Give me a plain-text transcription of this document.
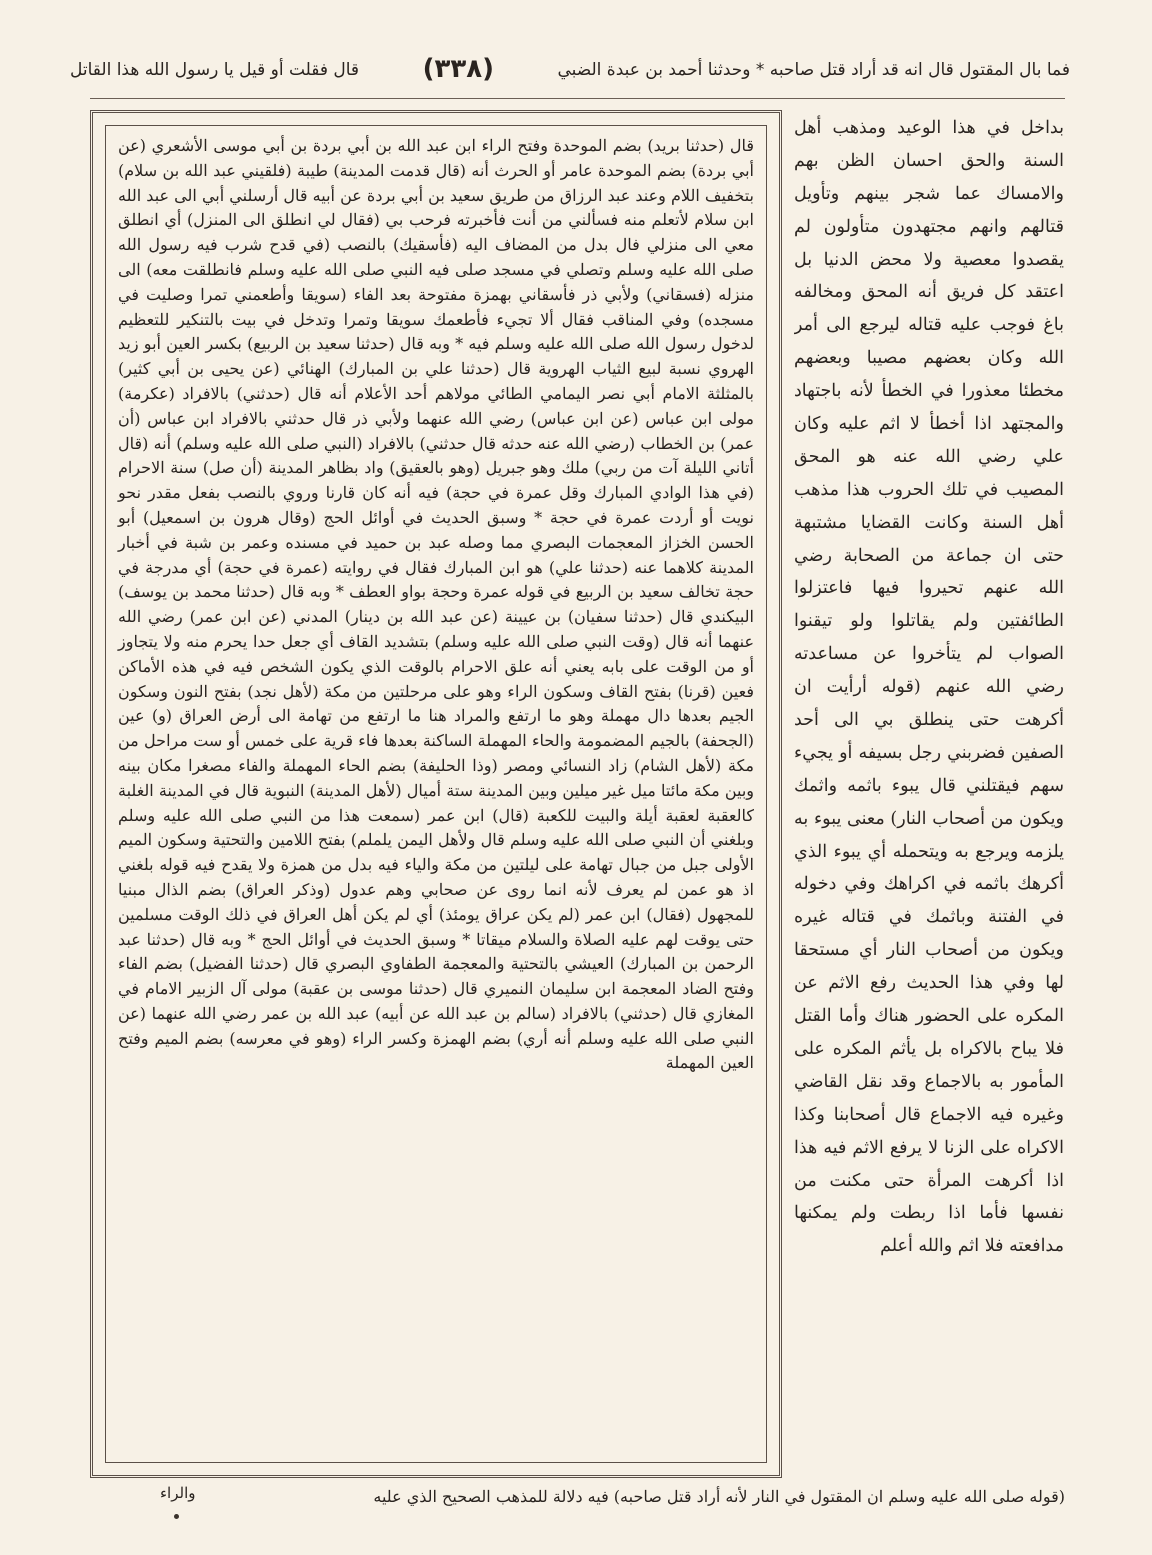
قال فقلت أو قيل يا رسول الله هذا القاتل	(٣٣٨)	فما بال المقتول قال انه قد أراد قتل صاحبه * وحدثنا أحمد بن عبدة الضبي

بداخل في هذا الوعيد ومذهب أهل السنة والحق احسان الظن بهم والامساك عما شجر بينهم وتأويل قتالهم وانهم مجتهدون متأولون لم يقصدوا معصية ولا محض الدنيا بل اعتقد كل فريق أنه المحق ومخالفه باغ فوجب عليه قتاله ليرجع الى أمر الله وكان بعضهم مصيبا وبعضهم مخطئا معذورا في الخطأ لأنه باجتهاد والمجتهد اذا أخطأ لا اثم عليه وكان علي رضي الله عنه هو المحق المصيب في تلك الحروب هذا مذهب أهل السنة وكانت القضايا مشتبهة حتى ان جماعة من الصحابة رضي الله عنهم تحيروا فيها فاعتزلوا الطائفتين ولم يقاتلوا ولو تيقنوا الصواب لم يتأخروا عن مساعدته رضي الله عنهم (قوله أرأيت ان أكرهت حتى ينطلق بي الى أحد الصفين فضربني رجل بسيفه أو يجيء سهم فيقتلني قال يبوء باثمه واثمك ويكون من أصحاب النار) معنى يبوء به يلزمه ويرجع به ويتحمله أي يبوء الذي أكرهك باثمه في اكراهك وفي دخوله في الفتنة وباثمك في قتاله غيره ويكون من أصحاب النار أي مستحقا لها وفي هذا الحديث رفع الاثم عن المكره على الحضور هناك وأما القتل فلا يباح بالاكراه بل يأثم المكره على المأمور به بالاجماع وقد نقل القاضي وغيره فيه الاجماع قال أصحابنا وكذا الاكراه على الزنا لا يرفع الاثم فيه هذا اذا أكرهت المرأة حتى مكنت من نفسها فأما اذا ربطت ولم يمكنها مدافعته فلا اثم والله أعلم

قال (حدثنا بريد) بضم الموحدة وفتح الراء ابن عبد الله بن أبي بردة بن أبي موسى الأشعري (عن أبي بردة) بضم الموحدة عامر أو الحرث أنه (قال قدمت المدينة) طيبة (فلقيني عبد الله بن سلام) بتخفيف اللام وعند عبد الرزاق من طريق سعيد بن أبي بردة عن أبيه قال أرسلني أبي الى عبد الله ابن سلام لأتعلم منه فسألني من أنت فأخبرته فرحب بي (فقال لي انطلق الى المنزل) أي انطلق معي الى منزلي فال بدل من المضاف اليه (فأسقيك) بالنصب (في قدح شرب فيه رسول الله صلى الله عليه وسلم وتصلي في مسجد صلى فيه النبي صلى الله عليه وسلم فانطلقت معه) الى منزله (فسقاني) ولأبي ذر فأسقاني بهمزة مفتوحة بعد الفاء (سويقا وأطعمني تمرا وصليت في مسجده) وفي المناقب فقال ألا تجيء فأطعمك سويقا وتمرا وتدخل في بيت بالتنكير للتعظيم لدخول رسول الله صلى الله عليه وسلم فيه * وبه قال (حدثنا سعيد بن الربيع) بكسر العين أبو زيد الهروي نسبة لبيع الثياب الهروية قال (حدثنا علي بن المبارك) الهنائي (عن يحيى بن أبي كثير) بالمثلثة الامام أبي نصر اليمامي الطائي مولاهم أحد الأعلام أنه قال (حدثني) بالافراد (عكرمة) مولى ابن عباس (عن ابن عباس) رضي الله عنهما ولأبي ذر قال حدثني بالافراد ابن عباس (أن عمر) بن الخطاب (رضي الله عنه حدثه قال حدثني) بالافراد (النبي صلى الله عليه وسلم) أنه (قال أتاني الليلة آت من ربي) ملك وهو جبريل (وهو بالعقيق) واد بظاهر المدينة (أن صل) سنة الاحرام (في هذا الوادي المبارك وقل عمرة في حجة) فيه أنه كان قارنا وروي بالنصب بفعل مقدر نحو نويت أو أردت عمرة في حجة * وسبق الحديث في أوائل الحج (وقال هرون بن اسمعيل) أبو الحسن الخزاز المعجمات البصري مما وصله عبد بن حميد في مسنده وعمر بن شبة في أخبار المدينة كلاهما عنه (حدثنا علي) هو ابن المبارك فقال في روايته (عمرة في حجة) أي مدرجة في حجة تخالف سعيد بن الربيع في قوله عمرة وحجة بواو العطف * وبه قال (حدثنا محمد بن يوسف) البيكندي قال (حدثنا سفيان) بن عيينة (عن عبد الله بن دينار) المدني (عن ابن عمر) رضي الله عنهما أنه قال (وقت النبي صلى الله عليه وسلم) بتشديد القاف أي جعل حدا يحرم منه ولا يتجاوز أو من الوقت على بابه يعني أنه علق الاحرام بالوقت الذي يكون الشخص فيه في هذه الأماكن فعين (قرنا) بفتح القاف وسكون الراء وهو على مرحلتين من مكة (لأهل نجد) بفتح النون وسكون الجيم بعدها دال مهملة وهو ما ارتفع والمراد هنا ما ارتفع من تهامة الى أرض العراق (و) عين (الجحفة) بالجيم المضمومة والحاء المهملة الساكنة بعدها فاء قرية على خمس أو ست مراحل من مكة (لأهل الشام) زاد النسائي ومصر (وذا الحليفة) بضم الحاء المهملة والفاء مصغرا مكان بينه وبين مكة مائتا ميل غير ميلين وبين المدينة ستة أميال (لأهل المدينة) النبوية قال في المدينة الغلبة كالعقبة لعقبة أيلة والبيت للكعبة (قال) ابن عمر (سمعت هذا من النبي صلى الله عليه وسلم وبلغني أن النبي صلى الله عليه وسلم قال ولأهل اليمن يلملم) بفتح اللامين والتحتية وسكون الميم الأولى جبل من جبال تهامة على ليلتين من مكة والياء فيه بدل من همزة ولا يقدح فيه قوله بلغني اذ هو عمن لم يعرف لأنه انما روى عن صحابي وهم عدول (وذكر العراق) بضم الذال مبنيا للمجهول (فقال) ابن عمر (لم يكن عراق يومئذ) أي لم يكن أهل العراق في ذلك الوقت مسلمين حتى يوقت لهم عليه الصلاة والسلام ميقاتا * وسبق الحديث في أوائل الحج * وبه قال (حدثنا عبد الرحمن بن المبارك) العيشي بالتحتية والمعجمة الطفاوي البصري قال (حدثنا الفضيل) بضم الفاء وفتح الضاد المعجمة ابن سليمان النميري قال (حدثنا موسى بن عقبة) مولى آل الزبير الامام في المغازي قال (حدثني) بالافراد (سالم بن عبد الله عن أبيه) عبد الله بن عمر رضي الله عنهما (عن النبي صلى الله عليه وسلم أنه أري) بضم الهمزة وكسر الراء (وهو في معرسه) بضم الميم وفتح العين المهملة

(قوله صلى الله عليه وسلم ان المقتول في النار لأنه أراد قتل صاحبه) فيه دلالة للمذهب الصحيح الذي عليه
والراء
